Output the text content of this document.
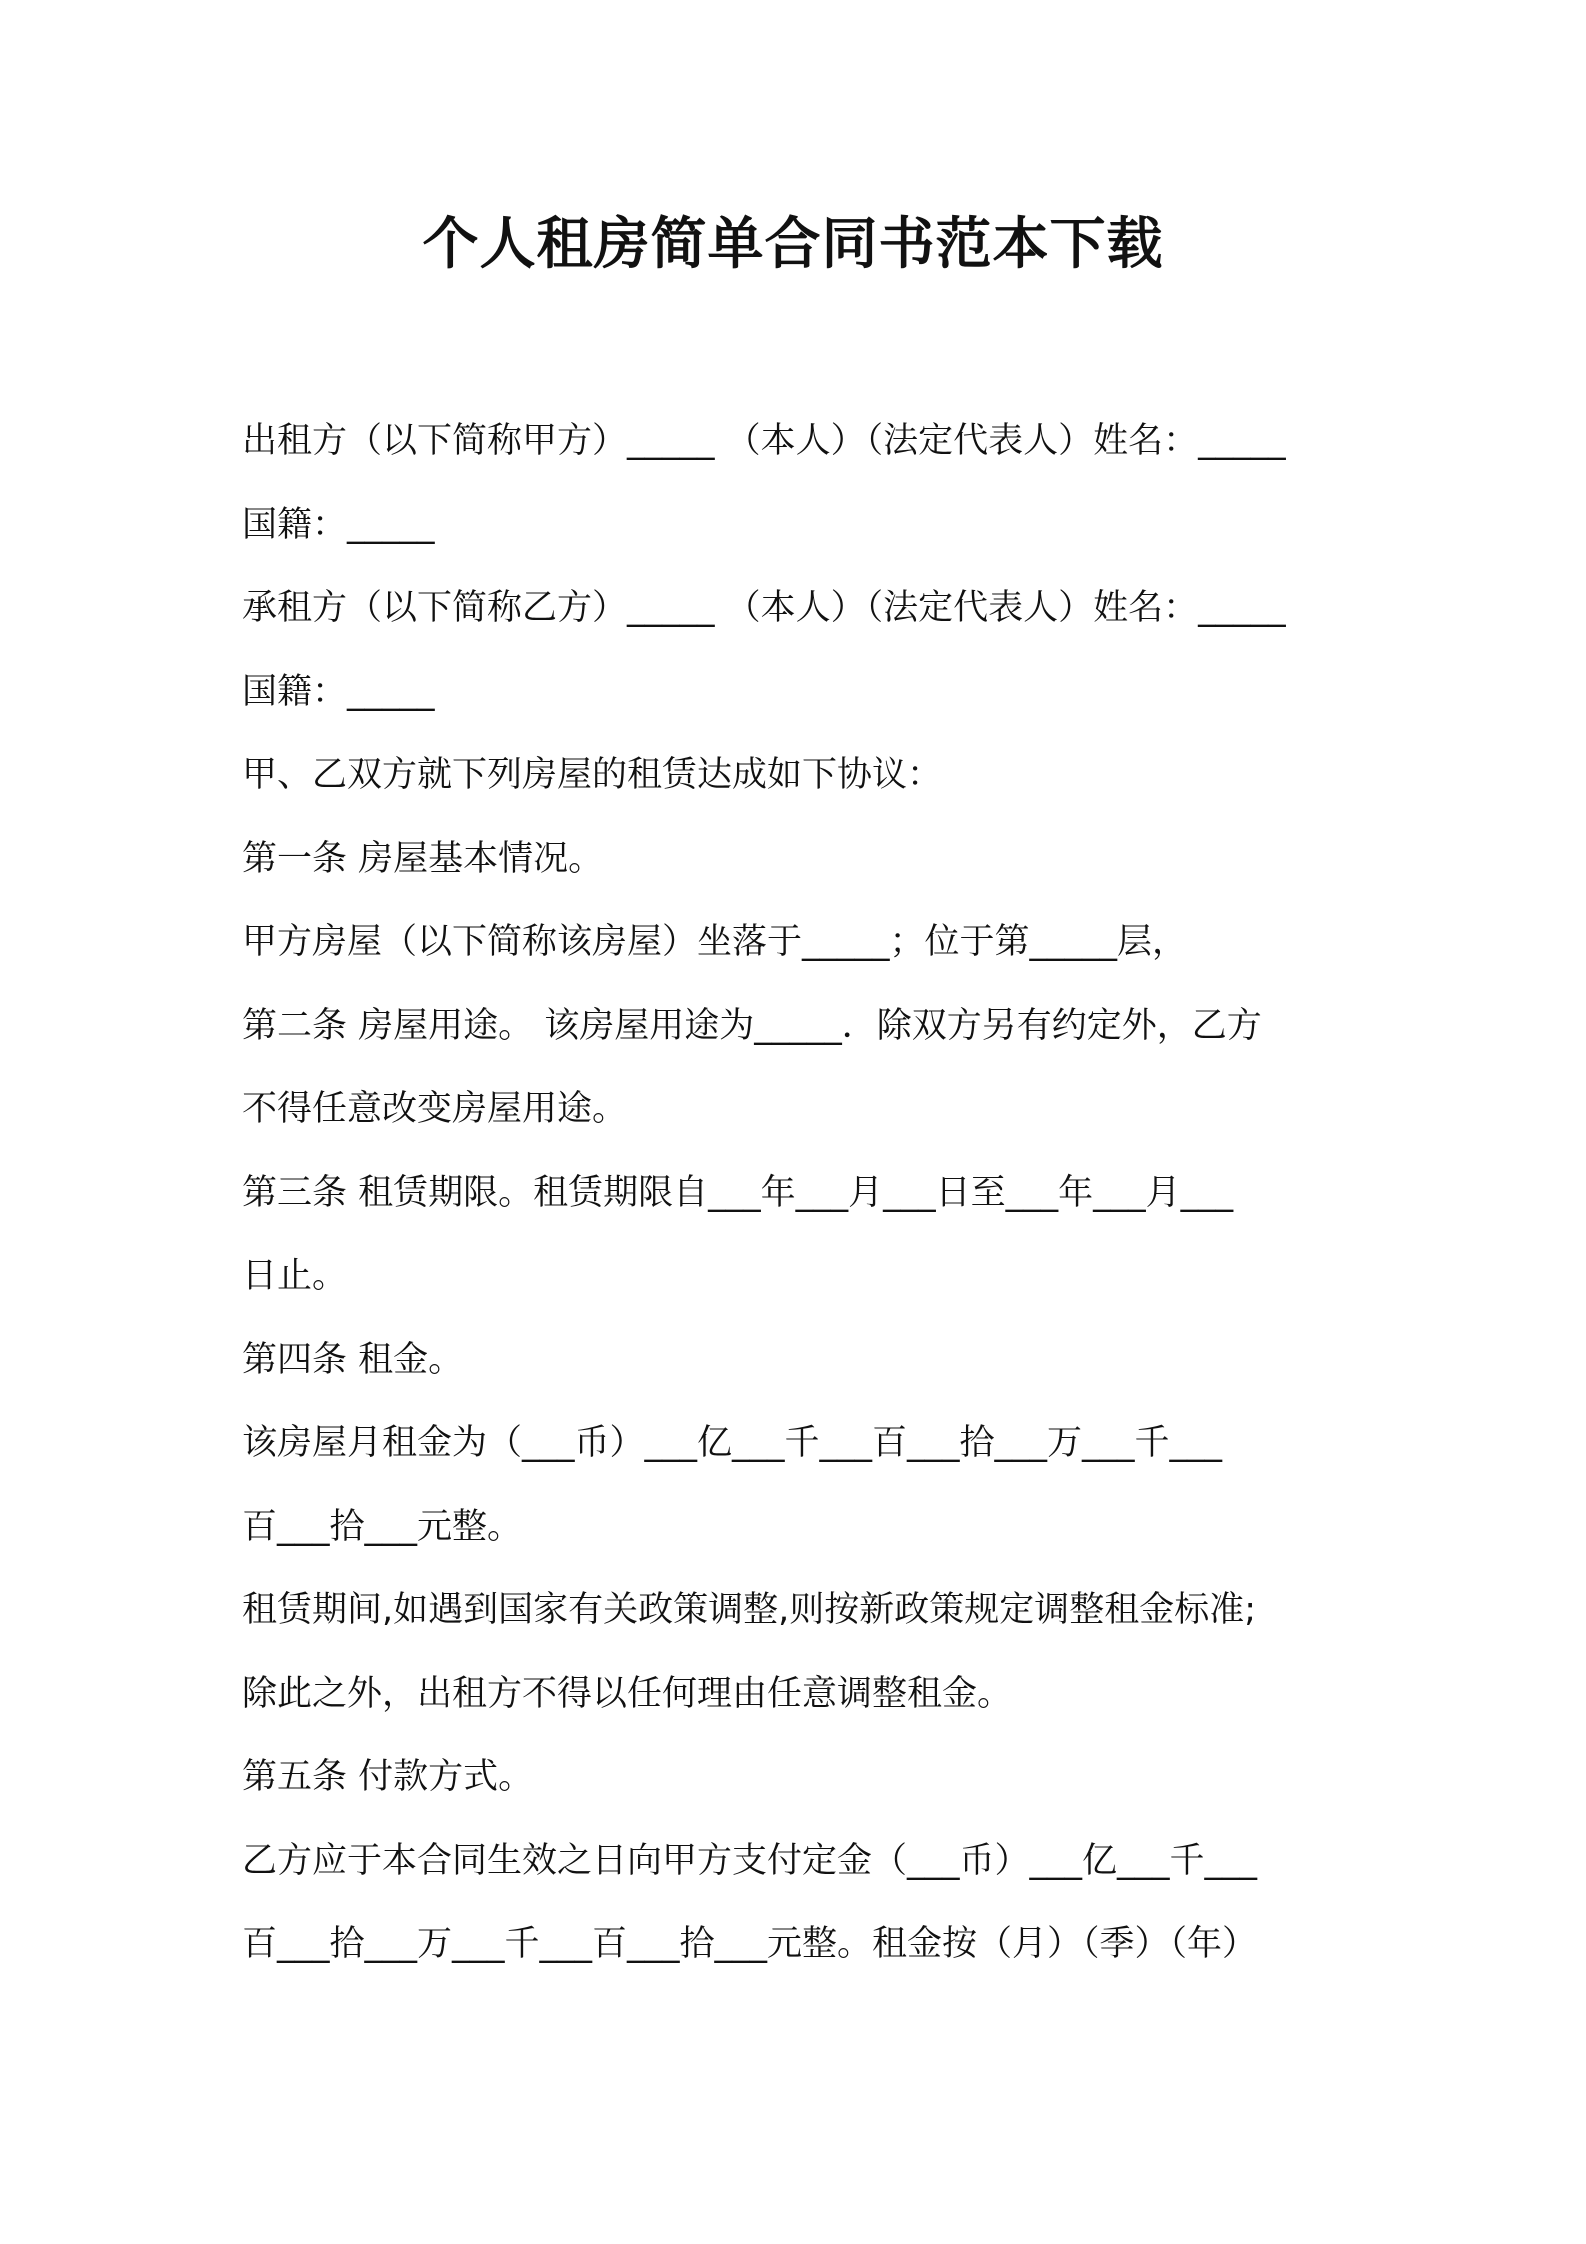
个人租房简单合同书范本下载
出租方（以下简称甲方）_____ （本人）（法定代表人）姓名：_____
国籍：_____
承租方（以下简称乙方）_____ （本人）（法定代表人）姓名：_____
国籍：_____
甲、乙双方就下列房屋的租赁达成如下协议：
第一条 房屋基本情况。
甲方房屋（以下简称该房屋）坐落于_____；位于第_____层，
第二条 房屋用途。 该房屋用途为_____．除双方另有约定外，乙方
不得任意改变房屋用途。
第三条 租赁期限。租赁期限自___年___月___日至___年___月___
日止。
第四条 租金。
该房屋月租金为（___币）___亿___千___百___拾___万___千___
百___拾___元整。
租赁期间,如遇到国家有关政策调整,则按新政策规定调整租金标准;
除此之外，出租方不得以任何理由任意调整租金。
第五条 付款方式。
乙方应于本合同生效之日向甲方支付定金（___币）___亿___千___
百___拾___万___千___百___拾___元整。租金按（月）（季）（年）
